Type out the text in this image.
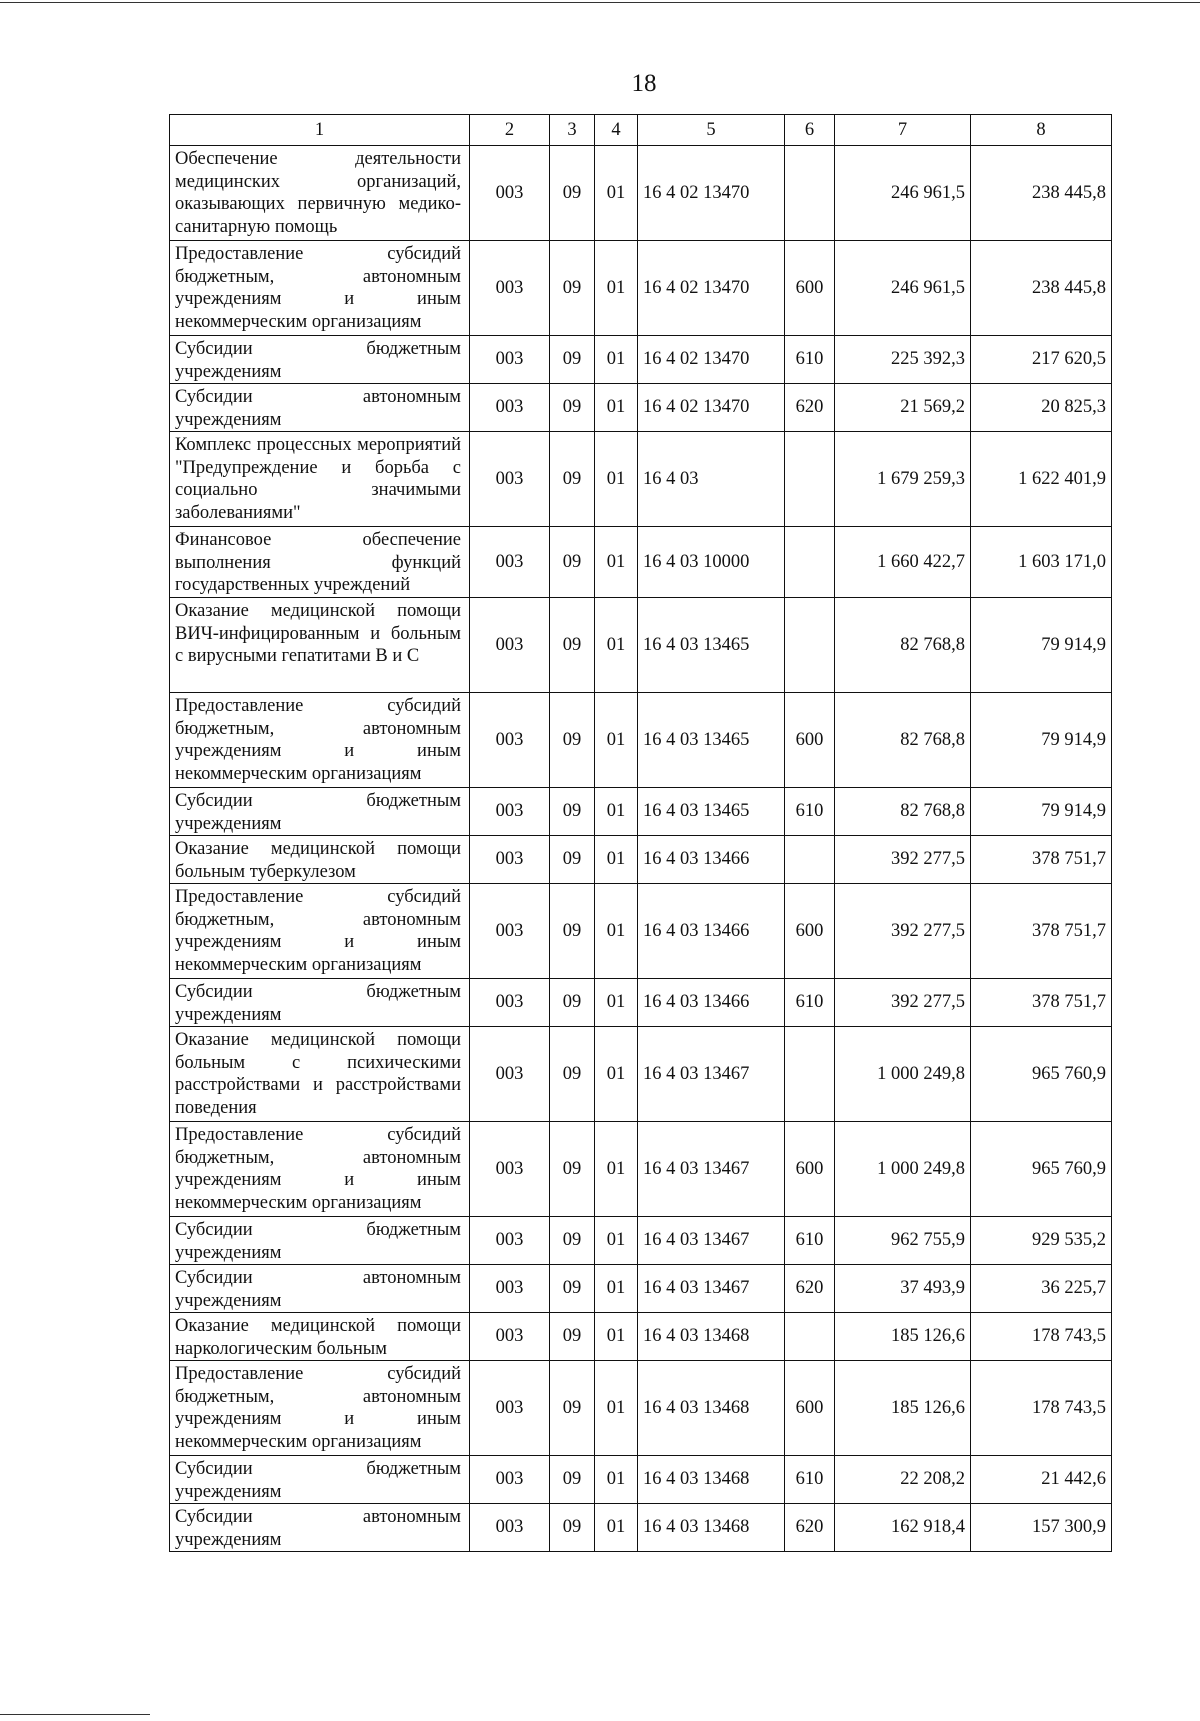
18
1	2	3	4	5	6	7	8
Обеспечение деятельности медицинских организаций, оказывающих первичную медико-санитарную помощь	003	09	01	16 4 02 13470		246 961,5	238 445,8
Предоставление субсидий бюджетным, автономным учреждениям и иным некоммерческим организациям	003	09	01	16 4 02 13470	600	246 961,5	238 445,8
Субсидии бюджетным учреждениям	003	09	01	16 4 02 13470	610	225 392,3	217 620,5
Субсидии автономным учреждениям	003	09	01	16 4 02 13470	620	21 569,2	20 825,3
Комплекс процессных мероприятий "Предупреждение и борьба с социально значимыми заболеваниями"	003	09	01	16 4 03		1 679 259,3	1 622 401,9
Финансовое обеспечение выполнения функций государственных учреждений	003	09	01	16 4 03 10000		1 660 422,7	1 603 171,0
Оказание медицинской помощи ВИЧ-инфицированным и больным с вирусными гепатитами В и С	003	09	01	16 4 03 13465		82 768,8	79 914,9
Предоставление субсидий бюджетным, автономным учреждениям и иным некоммерческим организациям	003	09	01	16 4 03 13465	600	82 768,8	79 914,9
Субсидии бюджетным учреждениям	003	09	01	16 4 03 13465	610	82 768,8	79 914,9
Оказание медицинской помощи больным туберкулезом	003	09	01	16 4 03 13466		392 277,5	378 751,7
Предоставление субсидий бюджетным, автономным учреждениям и иным некоммерческим организациям	003	09	01	16 4 03 13466	600	392 277,5	378 751,7
Субсидии бюджетным учреждениям	003	09	01	16 4 03 13466	610	392 277,5	378 751,7
Оказание медицинской помощи больным с психическими расстройствами и расстройствами поведения	003	09	01	16 4 03 13467		1 000 249,8	965 760,9
Предоставление субсидий бюджетным, автономным учреждениям и иным некоммерческим организациям	003	09	01	16 4 03 13467	600	1 000 249,8	965 760,9
Субсидии бюджетным учреждениям	003	09	01	16 4 03 13467	610	962 755,9	929 535,2
Субсидии автономным учреждениям	003	09	01	16 4 03 13467	620	37 493,9	36 225,7
Оказание медицинской помощи наркологическим больным	003	09	01	16 4 03 13468		185 126,6	178 743,5
Предоставление субсидий бюджетным, автономным учреждениям и иным некоммерческим организациям	003	09	01	16 4 03 13468	600	185 126,6	178 743,5
Субсидии бюджетным учреждениям	003	09	01	16 4 03 13468	610	22 208,2	21 442,6
Субсидии автономным учреждениям	003	09	01	16 4 03 13468	620	162 918,4	157 300,9
